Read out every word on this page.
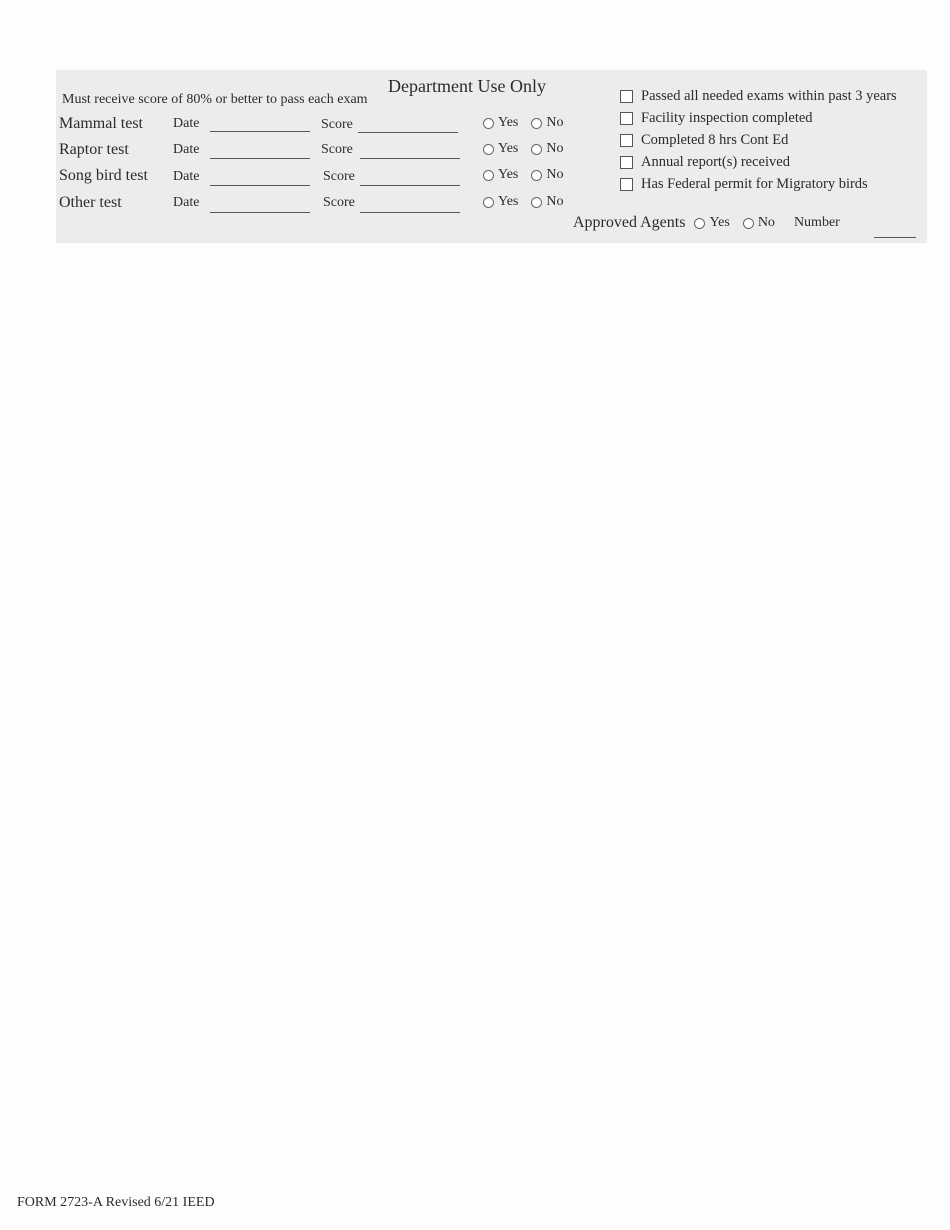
Department Use Only
Must receive score of 80% or better to pass each exam
Mammal test Date	Score	Yes No
Raptor test	Date	Score	Yes No
Song bird test Date	Score	Yes No
Other test	Date	Score	Yes No
Passed all needed exams within past 3 years
Facility inspection completed
Completed 8 hrs Cont Ed
Annual report(s) received
Has Federal permit for Migratory birds
Approved Agents Yes No Number
FORM 2723-A Revised 6/21 IEED
